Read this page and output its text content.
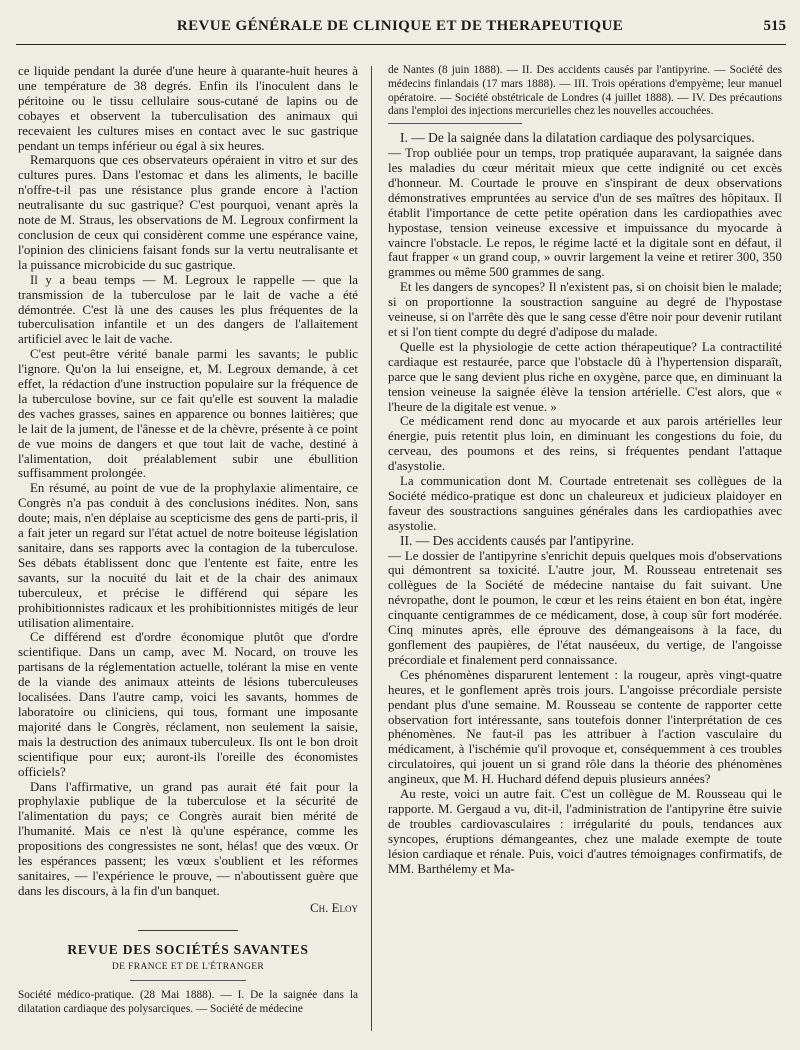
REVUE GÉNÉRALE DE CLINIQUE ET DE THERAPEUTIQUE	515

ce liquide pendant la durée d'une heure à quarante-huit heures à une température de 38 degrés. Enfin ils l'inoculent dans le péritoine ou le tissu cellulaire sous-cutané de lapins ou de cobayes et observent la tuberculisation des animaux qui recevaient les cultures mises en contact avec le suc gastrique pendant un temps inférieur ou égal à six heures.

Remarquons que ces observateurs opéraient in vitro et sur des cultures pures. Dans l'estomac et dans les aliments, le bacille n'offre-t-il pas une résistance plus grande encore à l'action neutralisante du suc gastrique? C'est pourquoi, venant après la note de M. Straus, les observations de M. Legroux confirment la conclusion de ceux qui considèrent comme une espérance vaine, l'opinion des cliniciens faisant fonds sur la vertu neutralisante et la puissance microbicide du suc gastrique.

Il y a beau temps — M. Legroux le rappelle — que la transmission de la tuberculose par le lait de vache a été démontrée. C'est là une des causes les plus fréquentes de la tuberculisation infantile et un des dangers de l'allaitement artificiel avec le lait de vache.

C'est peut-être vérité banale parmi les savants; le public l'ignore. Qu'on la lui enseigne, et, M. Legroux demande, à cet effet, la rédaction d'une instruction populaire sur la fréquence de la tuberculose bovine, sur ce fait qu'elle est souvent la maladie des vaches grasses, saines en apparence ou bonnes laitières; que le lait de la jument, de l'ânesse et de la chèvre, présente à ce point de vue moins de dangers et que tout lait de vache, destiné à l'alimentation, doit préalablement subir une ébullition suffisamment prolongée.

En résumé, au point de vue de la prophylaxie alimentaire, ce Congrès n'a pas conduit à des conclusions inédites. Non, sans doute; mais, n'en déplaise au scepticisme des gens de parti-pris, il a fait jeter un regard sur l'état actuel de notre boiteuse législation sanitaire, dans ses rapports avec la contagion de la tuberculose. Ses débats établissent donc que l'entente est faite, entre les savants, sur la nocuité du lait et de la chair des animaux tuberculeux, et précise le différend qui sépare les prohibitionnistes radicaux et les prohibitionnistes mitigés de leur utilisation alimentaire.

Ce différend est d'ordre économique plutôt que d'ordre scientifique. Dans un camp, avec M. Nocard, on trouve les partisans de la réglementation actuelle, tolérant la mise en vente de la viande des animaux atteints de lésions tuberculeuses localisées. Dans l'autre camp, voici les savants, hommes de laboratoire ou cliniciens, qui tous, formant une imposante majorité dans le Congrès, réclament, non seulement la saisie, mais la destruction des animaux tuberculeux. Ils ont le bon droit scientifique pour eux; auront-ils l'oreille des économistes officiels?

Dans l'affirmative, un grand pas aurait été fait pour la prophylaxie publique de la tuberculose et la sécurité de l'alimentation du pays; ce Congrès aurait bien mérité de l'humanité. Mais ce n'est là qu'une espérance, comme les propositions des congressistes ne sont, hélas! que des vœux. Or les espérances passent; les vœux s'oublient et les réformes sanitaires, — l'expérience le prouve, — n'aboutissent guère que dans les discours, à la fin d'un banquet.

Ch. Eloy
REVUE DES SOCIÉTÉS SAVANTES
DE FRANCE ET DE L'ÉTRANGER

Société médico-pratique. (28 Mai 1888). — I. De la saignée dans la dilatation cardiaque des polysarciques. — Société de médecine

de Nantes (8 juin 1888). — II. Des accidents causés par l'antipyrine. — Société des médecins finlandais (17 mars 1888). — III. Trois opérations d'empyème; leur manuel opératoire. — Société obstétricale de Londres (4 juillet 1888). — IV. Des précautions dans l'emploi des injections mercurielles chez les nouvelles accouchées.

I. — De la saignée dans la dilatation cardiaque des polysarciques.

— Trop oubliée pour un temps, trop pratiquée auparavant, la saignée dans les maladies du cœur méritait mieux que cette indignité ou cet excès d'honneur. M. Courtade le prouve en s'inspirant de deux observations démonstratives empruntées au service d'un de ses maîtres des hôpitaux. Il établit l'importance de cette petite opération dans les cardiopathies avec hypostase, tension veineuse excessive et impuissance du myocarde à vaincre l'obstacle. Le repos, le régime lacté et la digitale sont en défaut, il faut frapper « un grand coup, » ouvrir largement la veine et retirer 300, 350 grammes ou même 500 grammes de sang.

Et les dangers de syncopes? Il n'existent pas, si on choisit bien le malade; si on proportionne la soustraction sanguine au degré de l'hypostase veineuse, si on l'arrête dès que le sang cesse d'être noir pour devenir rutilant et si l'on tient compte du degré d'adipose du malade.

Quelle est la physiologie de cette action thérapeutique? La contractilité cardiaque est restaurée, parce que l'obstacle dû à l'hypertension disparaît, parce que le sang devient plus riche en oxygène, parce que, en diminuant la tension veineuse la saignée élève la tension artérielle. C'est alors, que « l'heure de la digitale est venue. »

Ce médicament rend donc au myocarde et aux parois artérielles leur énergie, puis retentit plus loin, en diminuant les congestions du foie, du cerveau, des poumons et des reins, si fréquentes pendant l'attaque d'asystolie.

La communication dont M. Courtade entretenait ses collègues de la Société médico-pratique est donc un chaleureux et judicieux plaidoyer en faveur des soustractions sanguines générales dans les cardiopathies avec asystolie.

II. — Des accidents causés par l'antipyrine.

— Le dossier de l'antipyrine s'enrichit depuis quelques mois d'observations qui démontrent sa toxicité. L'autre jour, M. Rousseau entretenait ses collègues de la Société de médecine nantaise du fait suivant. Une névropathe, dont le poumon, le cœur et les reins étaient en bon état, ingère cinquante centigrammes de ce médicament, dose, à coup sûr fort modérée. Cinq minutes après, elle éprouve des démangeaisons à la face, du gonflement des paupières, de l'état nauséeux, du vertige, de l'angoisse précordiale et finalement perd connaissance.

Ces phénomènes disparurent lentement : la rougeur, après vingt-quatre heures, et le gonflement après trois jours. L'angoisse précordiale persiste pendant plus d'une semaine. M. Rousseau se contente de rapporter cette observation fort intéressante, sans toutefois donner l'interprétation de ces phénomènes. Ne faut-il pas les attribuer à l'action vasculaire du médicament, à l'ischémie qu'il provoque et, conséquemment à ces troubles circulatoires, qui jouent un si grand rôle dans la théorie des phénomènes angineux, que M. H. Huchard défend depuis plusieurs années?

Au reste, voici un autre fait. C'est un collègue de M. Rousseau qui le rapporte. M. Gergaud a vu, dit-il, l'administration de l'antipyrine être suivie de troubles cardiovasculaires : irrégularité du pouls, tendances aux syncopes, éruptions démangeantes, chez une malade exempte de toute lésion cardiaque et rénale. Puis, voici d'autres témoignages confirmatifs, de MM. Barthélemy et Ma-
